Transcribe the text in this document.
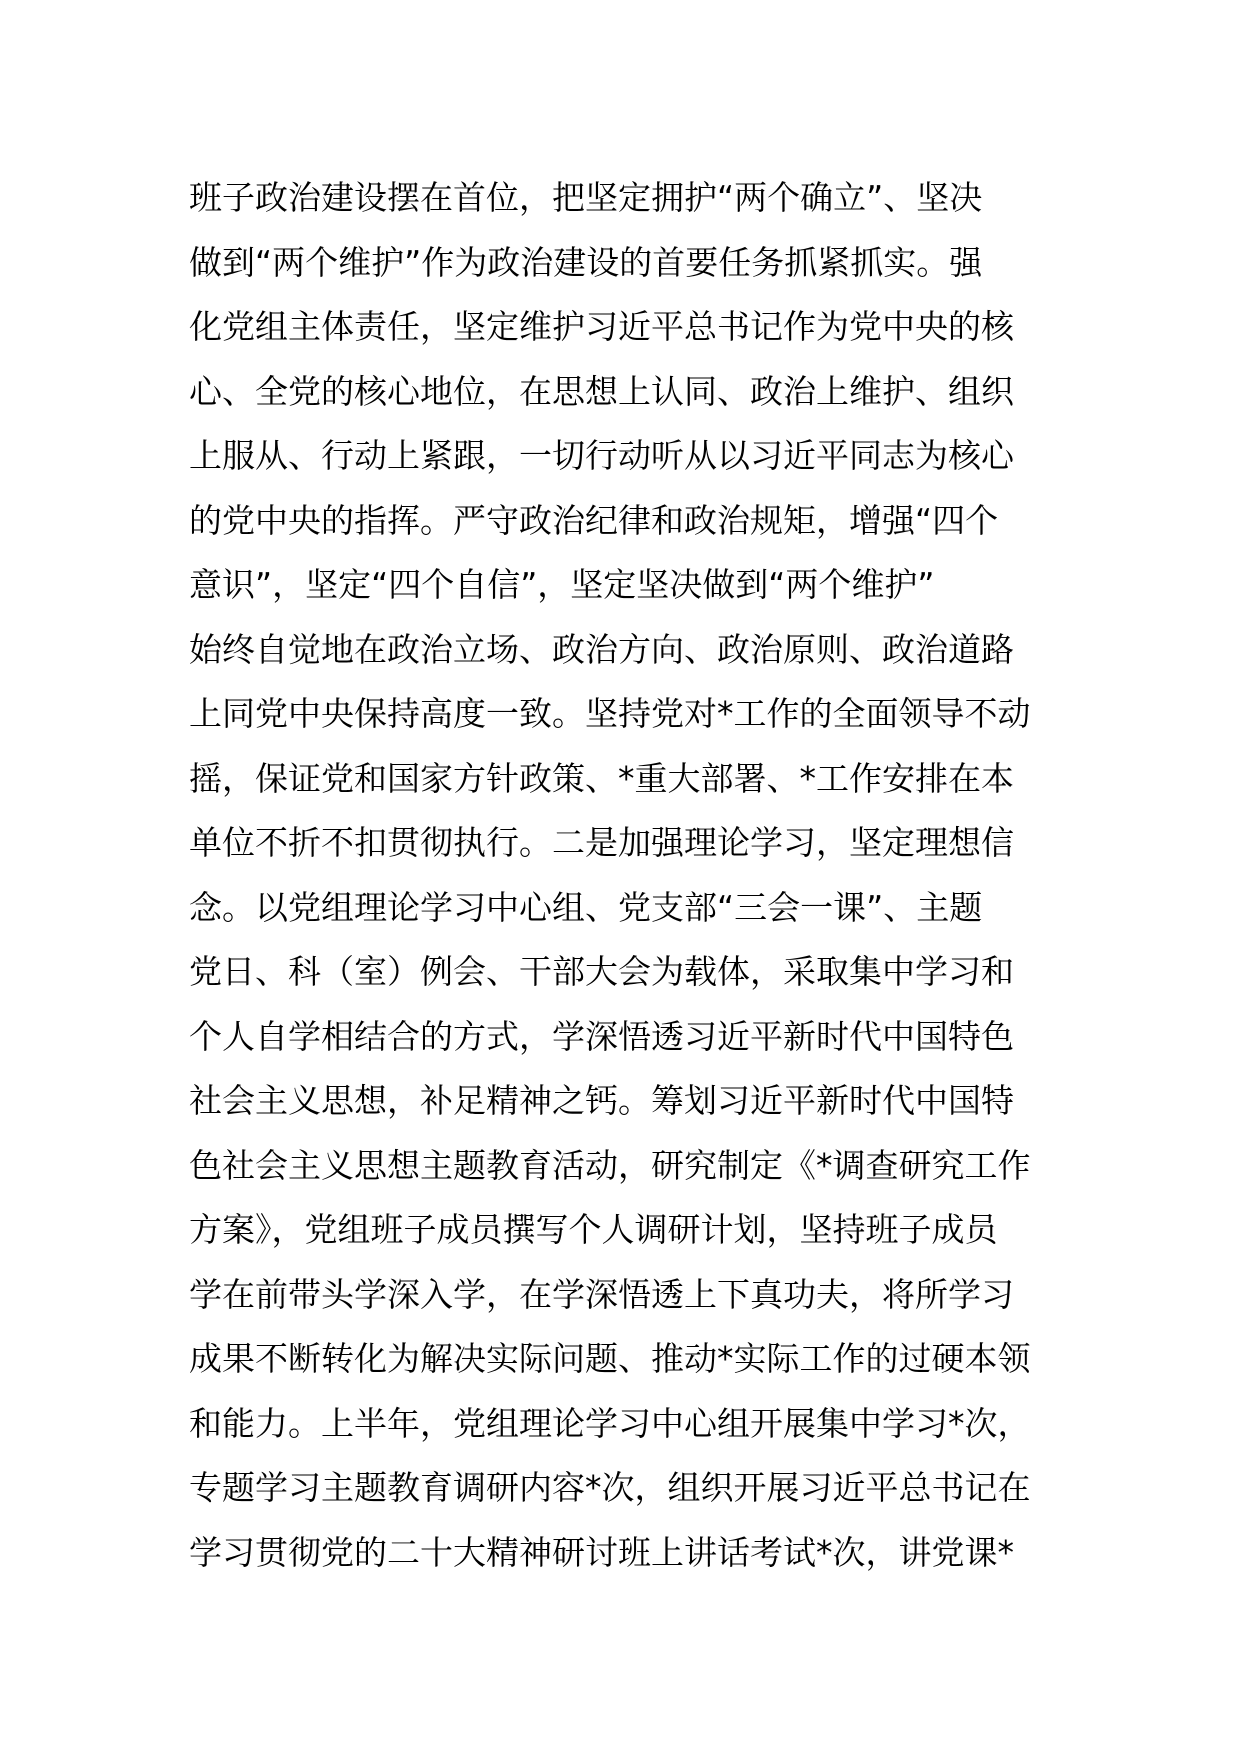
班子政治建设摆在首位，把坚定拥护“两个确立”、坚决
做到“两个维护”作为政治建设的首要任务抓紧抓实。强
化党组主体责任，坚定维护习近平总书记作为党中央的核
心、全党的核心地位，在思想上认同、政治上维护、组织
上服从、行动上紧跟，一切行动听从以习近平同志为核心
的党中央的指挥。严守政治纪律和政治规矩，增强“四个
意识”，坚定“四个自信”，坚定坚决做到“两个维护”
始终自觉地在政治立场、政治方向、政治原则、政治道路
上同党中央保持高度一致。坚持党对*工作的全面领导不动
摇，保证党和国家方针政策、*重大部署、*工作安排在本
单位不折不扣贯彻执行。二是加强理论学习，坚定理想信
念。以党组理论学习中心组、党支部“三会一课”、主题
党日、科（室）例会、干部大会为载体，采取集中学习和
个人自学相结合的方式，学深悟透习近平新时代中国特色
社会主义思想，补足精神之钙。筹划习近平新时代中国特
色社会主义思想主题教育活动，研究制定《*调查研究工作
方案》，党组班子成员撰写个人调研计划，坚持班子成员
学在前带头学深入学，在学深悟透上下真功夫，将所学习
成果不断转化为解决实际问题、推动*实际工作的过硬本领
和能力。上半年，党组理论学习中心组开展集中学习*次，
专题学习主题教育调研内容*次，组织开展习近平总书记在
学习贯彻党的二十大精神研讨班上讲话考试*次，讲党课*
